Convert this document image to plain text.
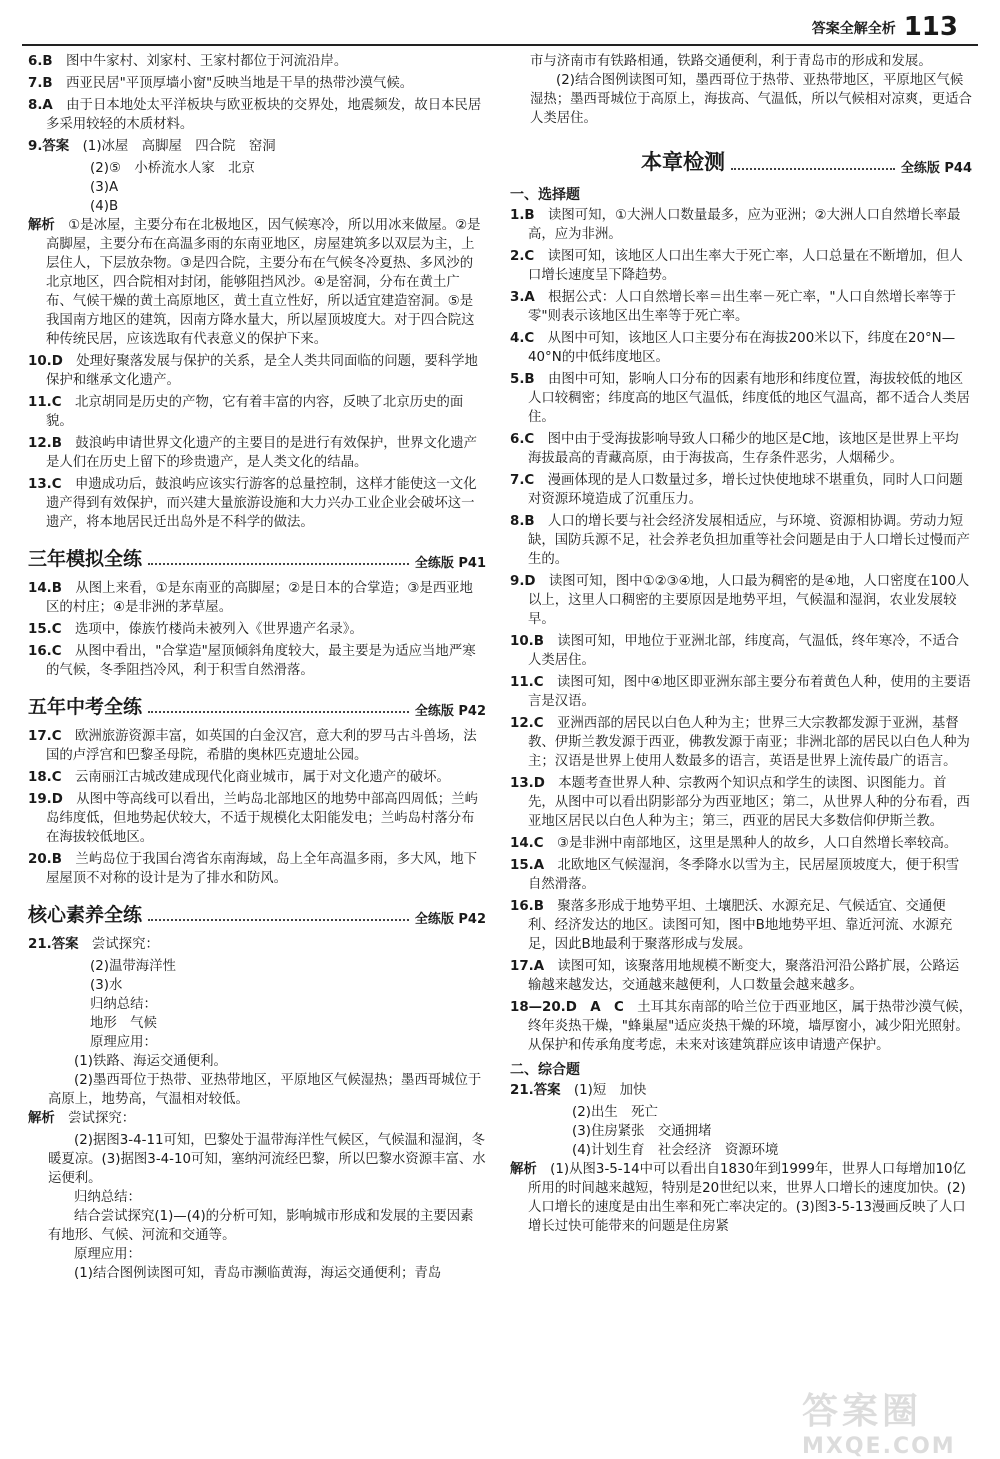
答案全解全析 113
6.B　 图中牛家村、刘家村、王家村都位于河流沿岸。
7.B　 西亚民居"平顶厚墙小窗"反映当地是干旱的热带沙漠气候。
8.A　 由于日本地处太平洋板块与欧亚板块的交界处，地震频发，故日本民居多采用较轻的木质材料。
9.答案　 (1)冰屋　高脚屋　四合院　窑洞
(2)⑤　小桥流水人家　北京
(3)A
(4)B
解析　 ①是冰屋，主要分布在北极地区，因气候寒冷，所以用冰来做屋。②是高脚屋，主要分布在高温多雨的东南亚地区，房屋建筑多以双层为主，上层住人，下层放杂物。③是四合院，主要分布在气候冬冷夏热、多风沙的北京地区，四合院相对封闭，能够阻挡风沙。④是窑洞，分布在黄土广布、气候干燥的黄土高原地区，黄土直立性好，所以适宜建造窑洞。⑤是我国南方地区的建筑，因南方降水量大，所以屋顶坡度大。对于四合院这种传统民居，应该选取有代表意义的保护下来。
10.D　 处理好聚落发展与保护的关系，是全人类共同面临的问题，要科学地保护和继承文化遗产。
11.C　 北京胡同是历史的产物，它有着丰富的内容，反映了北京历史的面貌。
12.B　 鼓浪屿申请世界文化遗产的主要目的是进行有效保护，世界文化遗产是人们在历史上留下的珍贵遗产，是人类文化的结晶。
13.C　 申遗成功后，鼓浪屿应该实行游客的总量控制，这样才能使这一文化遗产得到有效保护，而兴建大量旅游设施和大力兴办工业企业会破坏这一遗产，将本地居民迁出岛外是不科学的做法。
三年模拟全练	全练版 P41
14.B　 从图上来看，①是东南亚的高脚屋；②是日本的合掌造；③是西亚地区的村庄；④是非洲的茅草屋。
15.C　 选项中，傣族竹楼尚未被列入《世界遗产名录》。
16.C　 从图中看出，"合掌造"屋顶倾斜角度较大，最主要是为适应当地严寒的气候，冬季阻挡冷风，利于积雪自然滑落。
五年中考全练	全练版 P42
17.C　 欧洲旅游资源丰富，如英国的白金汉宫，意大利的罗马古斗兽场，法国的卢浮宫和巴黎圣母院，希腊的奥林匹克遗址公园。
18.C　 云南丽江古城改建成现代化商业城市，属于对文化遗产的破坏。
19.D　 从图中等高线可以看出，兰屿岛北部地区的地势中部高四周低；兰屿岛纬度低，但地势起伏较大，不适于规模化太阳能发电；兰屿岛村落分布在海拔较低地区。
20.B　 兰屿岛位于我国台湾省东南海域，岛上全年高温多雨，多大风，地下屋屋顶不对称的设计是为了排水和防风。
核心素养全练	全练版 P42
21.答案　 尝试探究：
(2)温带海洋性
(3)水
归纳总结：
地形　气候
原理应用：
(1)铁路、海运交通便利。
(2)墨西哥位于热带、亚热带地区，平原地区气候湿热；墨西哥城位于高原上，地势高，气温相对较低。
解析　 尝试探究：
(2)据图3-4-11可知，巴黎处于温带海洋性气候区，气候温和湿润，冬暖夏凉。(3)据图3-4-10可知，塞纳河流经巴黎，所以巴黎水资源丰富、水运便利。
归纳总结：
结合尝试探究(1)—(4)的分析可知，影响城市形成和发展的主要因素有地形、气候、河流和交通等。
原理应用：
(1)结合图例读图可知，青岛市濒临黄海，海运交通便利；青岛
市与济南市有铁路相通，铁路交通便利，利于青岛市的形成和发展。
(2)结合图例读图可知，墨西哥位于热带、亚热带地区，平原地区气候湿热；墨西哥城位于高原上，海拔高、气温低，所以气候相对凉爽，更适合人类居住。
本章检测	全练版 P44
一、选择题
1.B　 读图可知，①大洲人口数量最多，应为亚洲；②大洲人口自然增长率最高，应为非洲。
2.C　 读图可知，该地区人口出生率大于死亡率，人口总量在不断增加，但人口增长速度呈下降趋势。
3.A　 根据公式：人口自然增长率＝出生率－死亡率，"人口自然增长率等于零"则表示该地区出生率等于死亡率。
4.C　 从图中可知，该地区人口主要分布在海拔200米以下，纬度在20°N—40°N的中低纬度地区。
5.B　 由图中可知，影响人口分布的因素有地形和纬度位置，海拔较低的地区人口较稠密；纬度高的地区气温低，纬度低的地区气温高，都不适合人类居住。
6.C　 图中由于受海拔影响导致人口稀少的地区是C地，该地区是世界上平均海拔最高的青藏高原，由于海拔高，生存条件恶劣，人烟稀少。
7.C　 漫画体现的是人口数量过多，增长过快使地球不堪重负，同时人口问题对资源环境造成了沉重压力。
8.B　 人口的增长要与社会经济发展相适应，与环境、资源相协调。劳动力短缺，国防兵源不足，社会养老负担加重等社会问题是由于人口增长过慢而产生的。
9.D　 读图可知，图中①②③④地，人口最为稠密的是④地，人口密度在100人以上，这里人口稠密的主要原因是地势平坦，气候温和湿润，农业发展较早。
10.B　 读图可知，甲地位于亚洲北部，纬度高，气温低，终年寒冷，不适合人类居住。
11.C　 读图可知，图中④地区即亚洲东部主要分布着黄色人种，使用的主要语言是汉语。
12.C　 亚洲西部的居民以白色人种为主；世界三大宗教都发源于亚洲，基督教、伊斯兰教发源于西亚，佛教发源于南亚；非洲北部的居民以白色人种为主；汉语是世界上使用人数最多的语言，英语是世界上流传最广的语言。
13.D　 本题考查世界人种、宗教两个知识点和学生的读图、识图能力。首先，从图中可以看出阴影部分为西亚地区；第二，从世界人种的分布看，西亚地区居民以白色人种为主；第三，西亚的居民大多数信仰伊斯兰教。
14.C　 ③是非洲中南部地区，这里是黑种人的故乡，人口自然增长率较高。
15.A　 北欧地区气候湿润，冬季降水以雪为主，民居屋顶坡度大，便于积雪自然滑落。
16.B　 聚落多形成于地势平坦、土壤肥沃、水源充足、气候适宜、交通便利、经济发达的地区。读图可知，图中B地地势平坦、靠近河流、水源充足，因此B地最利于聚落形成与发展。
17.A　 读图可知，该聚落用地规模不断变大，聚落沿河沿公路扩展，公路运输越来越发达，交通越来越便利，人口数量会越来越多。
18—20.D　A　C　 土耳其东南部的哈兰位于西亚地区，属于热带沙漠气候，终年炎热干燥，"蜂巢屋"适应炎热干燥的环境，墙厚窗小，减少阳光照射。从保护和传承角度考虑，未来对该建筑群应该申请遗产保护。
二、综合题
21.答案　 (1)短　加快
(2)出生　死亡
(3)住房紧张　交通拥堵
(4)计划生育　社会经济　资源环境
解析　 (1)从图3-5-14中可以看出自1830年到1999年，世界人口每增加10亿所用的时间越来越短，特别是20世纪以来，世界人口增长的速度加快。(2)人口增长的速度是由出生率和死亡率决定的。(3)图3-5-13漫画反映了人口增长过快可能带来的问题是住房紧
答案圈
MXQE.COM
